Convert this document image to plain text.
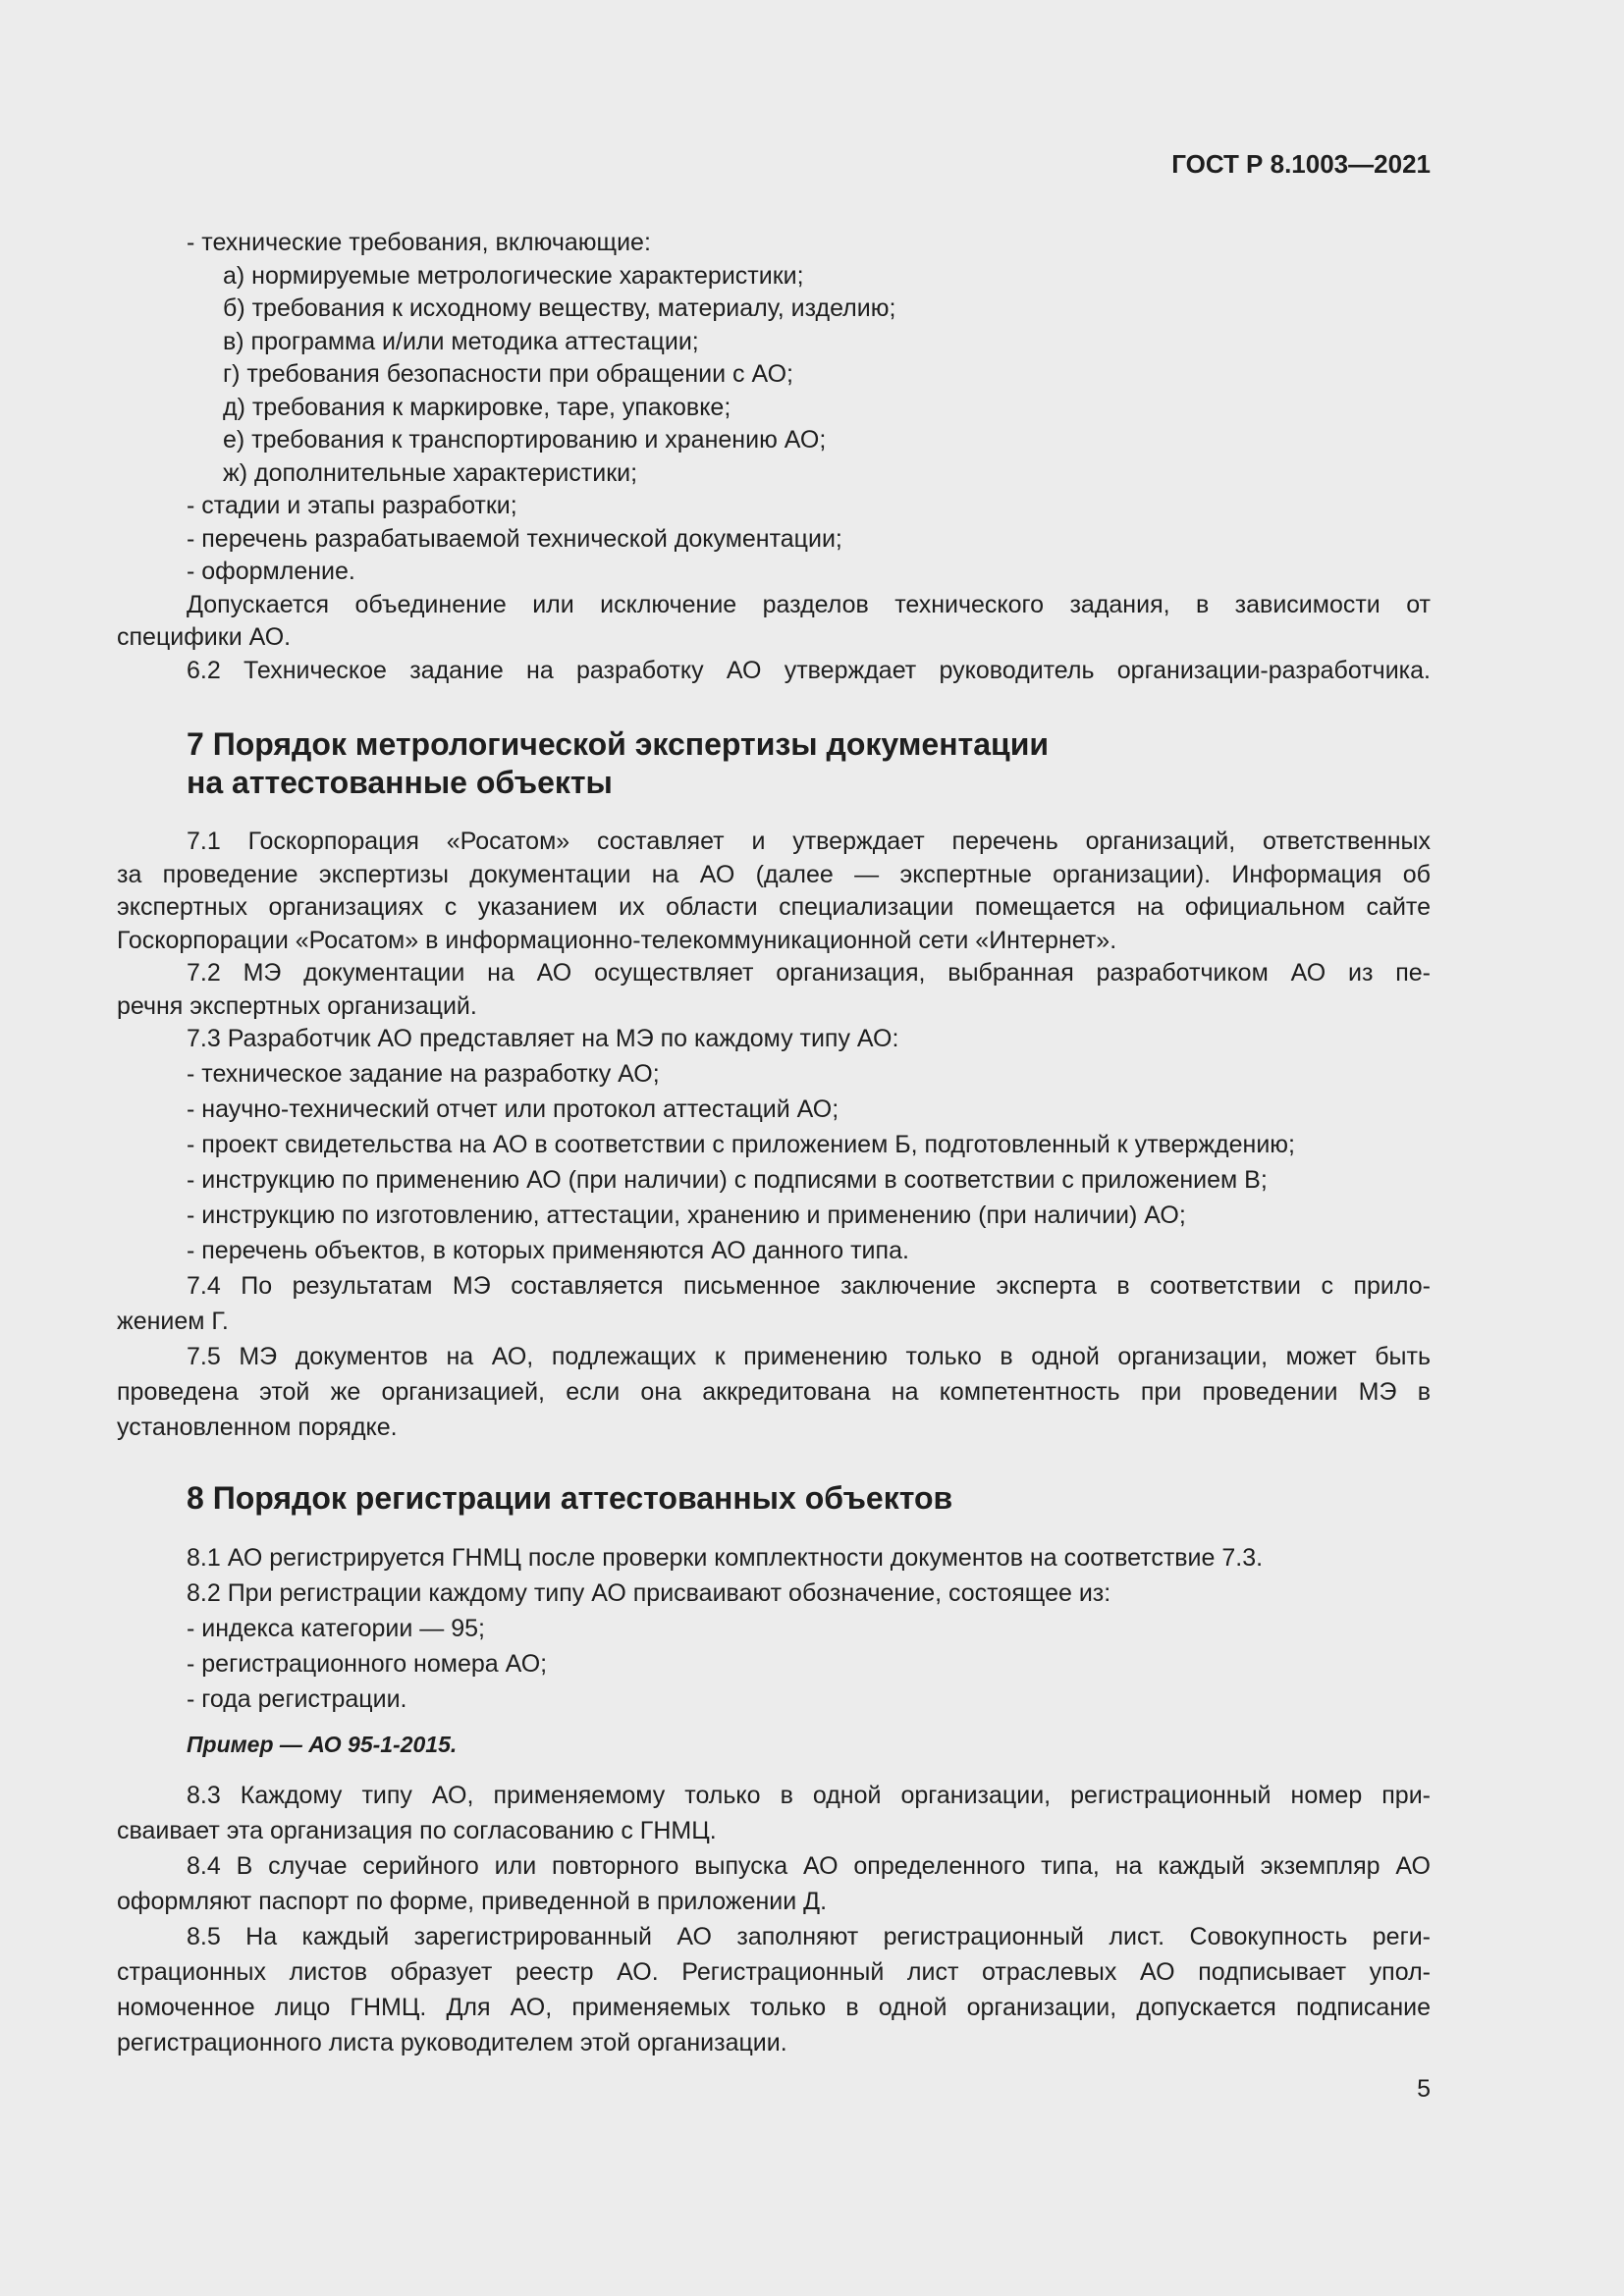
ГОСТ Р 8.1003—2021
- технические требования, включающие:
а) нормируемые метрологические характеристики;
б) требования к исходному веществу, материалу, изделию;
в) программа и/или методика аттестации;
г) требования безопасности при обращении с АО;
д) требования к маркировке, таре, упаковке;
е) требования к транспортированию и хранению АО;
ж) дополнительные характеристики;
- стадии и этапы разработки;
- перечень разрабатываемой технической документации;
- оформление.
Допускается объединение или исключение разделов технического задания, в зависимости от
специфики АО.
6.2 Техническое задание на разработку АО утверждает руководитель организации-разработчика.
7 Порядок метрологической экспертизы документации
на аттестованные объекты
7.1 Госкорпорация «Росатом» составляет и утверждает перечень организаций, ответственных
за проведение экспертизы документации на АО (далее — экспертные организации). Информация об
экспертных организациях с указанием их области специализации помещается на официальном сайте
Госкорпорации «Росатом» в информационно-телекоммуникационной сети «Интернет».
7.2 МЭ документации на АО осуществляет организация, выбранная разработчиком АО из пе-
речня экспертных организаций.
7.3 Разработчик АО представляет на МЭ по каждому типу АО:
- техническое задание на разработку АО;
- научно-технический отчет или протокол аттестаций АО;
- проект свидетельства на АО в соответствии с приложением Б, подготовленный к утверждению;
- инструкцию по применению АО (при наличии) с подписями в соответствии с приложением В;
- инструкцию по изготовлению, аттестации, хранению и применению (при наличии) АО;
- перечень объектов, в которых применяются АО данного типа.
7.4 По результатам МЭ составляется письменное заключение эксперта в соответствии с прило-
жением Г.
7.5 МЭ документов на АО, подлежащих к применению только в одной организации, может быть
проведена этой же организацией, если она аккредитована на компетентность при проведении МЭ в
установленном порядке.
8 Порядок регистрации аттестованных объектов
8.1 АО регистрируется ГНМЦ после проверки комплектности документов на соответствие 7.3.
8.2 При регистрации каждому типу АО присваивают обозначение, состоящее из:
- индекса категории — 95;
- регистрационного номера АО;
- года регистрации.
Пример — АО 95-1-2015.
8.3 Каждому типу АО, применяемому только в одной организации, регистрационный номер при-
сваивает эта организация по согласованию с ГНМЦ.
8.4 В случае серийного или повторного выпуска АО определенного типа, на каждый экземпляр АО
оформляют паспорт по форме, приведенной в приложении Д.
8.5 На каждый зарегистрированный АО заполняют регистрационный лист. Совокупность реги-
страционных листов образует реестр АО. Регистрационный лист отраслевых АО подписывает упол-
номоченное лицо ГНМЦ. Для АО, применяемых только в одной организации, допускается подписание
регистрационного листа руководителем этой организации.
5
